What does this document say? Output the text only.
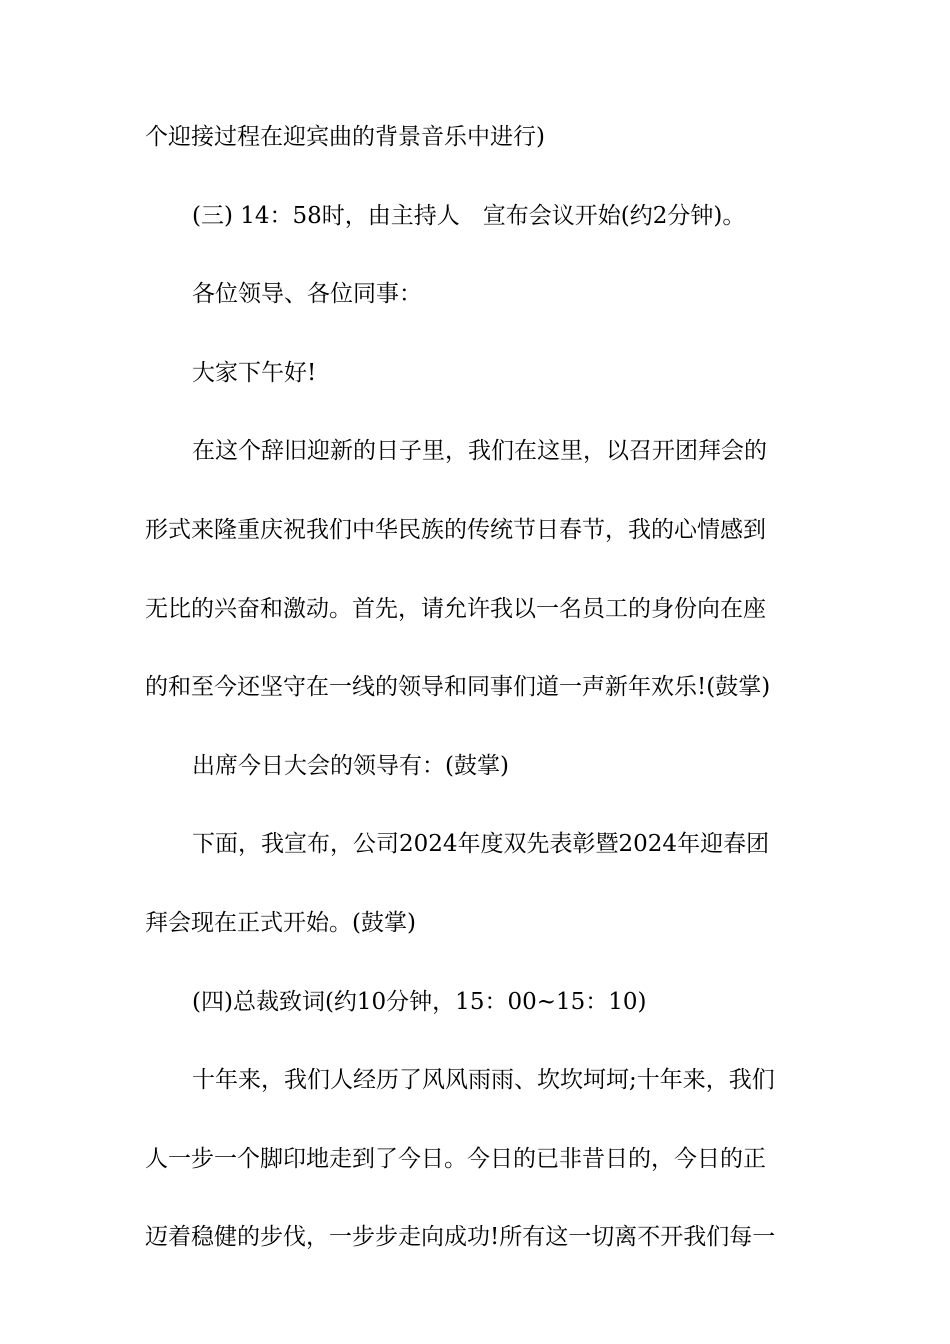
个迎接过程在迎宾曲的背景音乐中进行)
(三) 14：58时，由主持人　宣布会议开始(约2分钟)。
各位领导、各位同事：
大家下午好!
在这个辞旧迎新的日子里，我们在这里，以召开团拜会的
形式来隆重庆祝我们中华民族的传统节日春节，我的心情感到
无比的兴奋和激动。首先，请允许我以一名员工的身份向在座
的和至今还坚守在一线的领导和同事们道一声新年欢乐!(鼓掌)
出席今日大会的领导有：(鼓掌)
下面，我宣布，公司2024年度双先表彰暨2024年迎春团
拜会现在正式开始。(鼓掌)
(四)总裁致词(约10分钟，15：00~15：10)
十年来，我们人经历了风风雨雨、坎坎坷坷;十年来，我们
人一步一个脚印地走到了今日。今日的已非昔日的，今日的正
迈着稳健的步伐，一步步走向成功!所有这一切离不开我们每一
